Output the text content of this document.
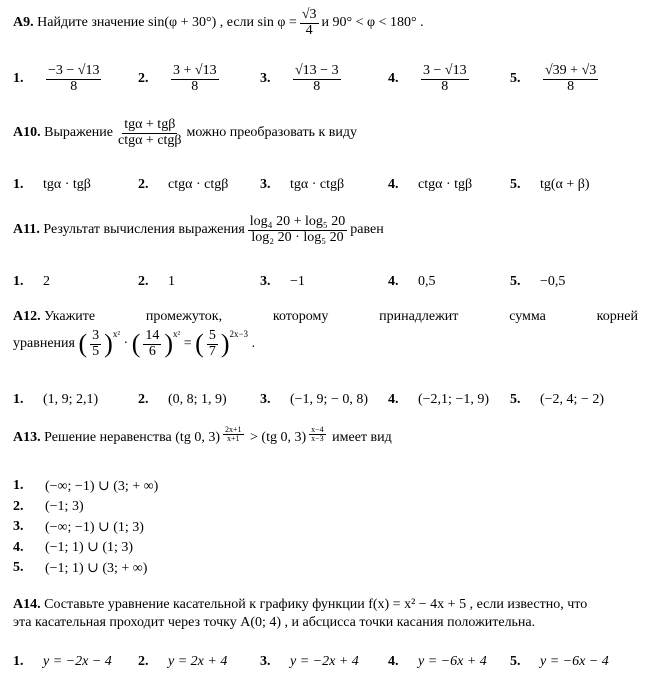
A9.
Найдите значение sin(φ + 30°) , если $\sin \varphi = \frac{√3}{4}$ и 90° < φ < 180° .
1.	$\frac{-3 - √13}{8}$	2.	$\frac{3 + √13}{8}$	3.	$\frac{√13 - 3}{8}$	4.	$\frac{3 - √13}{8}$	5.	$\frac{√39 + √3}{8}$
A10.
Выражение $\frac{\text{tgα + tgβ}}{\text{ctgα + ctgβ}}$ можно преобразовать к виду
1.	tgα · tgβ	2.	ctgα · ctgβ 3.	tgα · ctgβ	4.	ctgα · tgβ	5.	tg(α + β)
A11.
Результат вычисления выражения $\frac{\text{log₄ 20 + log₅ 20}}{\text{log₂ 20 · log₅ 20}}$ равен
1.	2	2.	1	3.	−1	4.	0,5	5.	−0,5
A12. Укажите	промежуток,	которому	принадлежит	сумма	корней
уравнения
( $\frac{3}{5}$ ) x²
· ( $\frac{14}{6}$ ) x²
= ( $\frac{5}{7}$ ) 2x−3
.
1.	(1, 9; 2,1)	2.	(0, 8; 1, 9) 3.	(−1, 9; − 0, 8) 4.	(−2,1; −1, 9) 5.	(−2, 4; − 2)
A13.
Решение неравенства
(tg 0, $3) \frac{2x+1}{x+1}$
>
(tg 0, $3) \frac{x-4}{x-3}$
имеет вид
1.	(−∞; −1) ∪ (3; + ∞)
2.	(−1; 3)
3.	(−∞; −1) ∪ (1; 3)
4.	(−1; 1) ∪ (1; 3)
5.	(−1; 1) ∪ (3; + ∞)
A14. Составьте уравнение касательной к графику функции f(x) = x² − 4x + 5 , если известно, что
эта касательная проходит через точку A(0; 4) , и абсцисса точки касания положительна.
1.	y = −2x − 4 2.	y = 2x + 4 3.	y = −2x + 4 4.	y = −6x + 4 5.	y = −6x − 4
